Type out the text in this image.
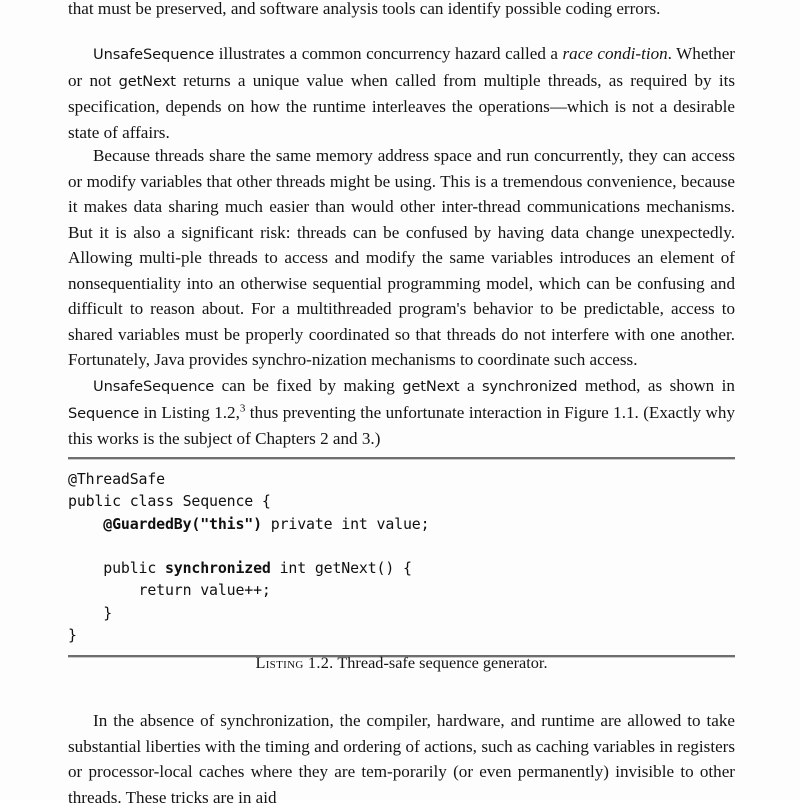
that must be preserved, and software analysis tools can identify possible coding errors.

UnsafeSequence illustrates a common concurrency hazard called a race condi-tion. Whether or not getNext returns a unique value when called from multiple threads, as required by its specification, depends on how the runtime interleaves the operations—which is not a desirable state of affairs.

Because threads share the same memory address space and run concurrently, they can access or modify variables that other threads might be using. This is a tremendous convenience, because it makes data sharing much easier than would other inter-thread communications mechanisms. But it is also a significant risk: threads can be confused by having data change unexpectedly. Allowing multi-ple threads to access and modify the same variables introduces an element of nonsequentiality into an otherwise sequential programming model, which can be confusing and difficult to reason about. For a multithreaded program's behavior to be predictable, access to shared variables must be properly coordinated so that threads do not interfere with one another. Fortunately, Java provides synchro-nization mechanisms to coordinate such access.

UnsafeSequence can be fixed by making getNext a synchronized method, as shown in Sequence in Listing 1.2,$^3$ thus preventing the unfortunate interaction in Figure 1.1. (Exactly why this works is the subject of Chapters 2 and 3.)

@ThreadSafe
public class Sequence {
@GuardedBy("this") private int value;

public synchronized int getNext() {
return value++;
}
}
Listing 1.2. Thread-safe sequence generator.

In the absence of synchronization, the compiler, hardware, and runtime are allowed to take substantial liberties with the timing and ordering of actions, such as caching variables in registers or processor-local caches where they are tem-porarily (or even permanently) invisible to other threads. These tricks are in aid
